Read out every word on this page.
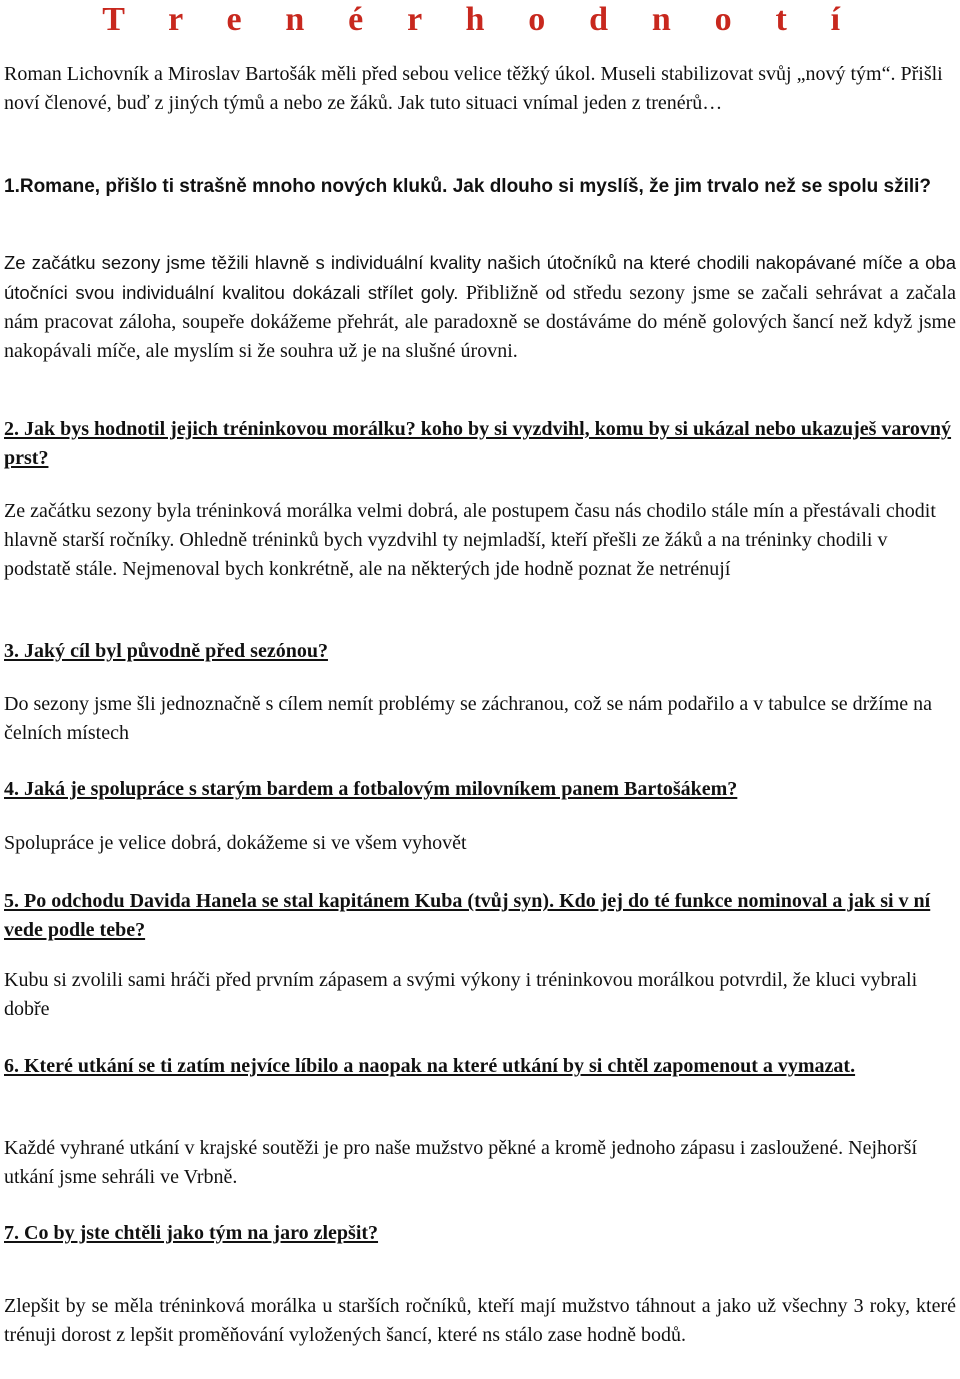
T r e n é r h o d n o t í

Roman Lichovník a Miroslav Bartošák měli před sebou velice těžký úkol. Museli stabilizovat svůj „nový tým“. Přišli noví členové, buď z jiných týmů a nebo ze žáků. Jak tuto situaci vnímal jeden z trenérů…

1.Romane, přišlo ti strašně mnoho nových kluků. Jak dlouho si myslíš, že jim trvalo než se spolu sžili?

Ze začátku sezony jsme těžili hlavně s individuální kvality našich útočníků na které chodili nakopávané míče a oba útočníci svou individuální kvalitou dokázali střílet goly. Přibližně od středu sezony jsme se začali sehrávat a začala nám pracovat záloha, soupeře dokážeme přehrát, ale paradoxně se dostáváme do méně golových šancí než když jsme nakopávali míče, ale myslím si že souhra už je na slušné úrovni.

2. Jak bys hodnotil jejich tréninkovou morálku? koho by si vyzdvihl, komu by si ukázal nebo ukazuješ varovný prst?

Ze začátku sezony byla tréninková morálka velmi dobrá, ale postupem času nás chodilo stále mín a přestávali chodit hlavně starší ročníky. Ohledně tréninků bych vyzdvihl ty nejmladší, kteří přešli ze žáků a na tréninky chodili v podstatě stále. Nejmenoval bych konkrétně, ale na některých jde hodně poznat že netrénují

3. Jaký cíl byl původně před sezónou?

Do sezony jsme šli jednoznačně s cílem nemít problémy se záchranou, což se nám podařilo a v tabulce se držíme na čelních místech

4. Jaká je spolupráce s starým bardem a fotbalovým milovníkem panem Bartošákem?

Spolupráce je velice dobrá, dokážeme si ve všem vyhovět

5. Po odchodu Davida Hanela se stal kapitánem Kuba (tvůj syn). Kdo jej do té funkce nominoval a jak si v ní vede podle tebe?

Kubu si zvolili sami hráči před prvním zápasem a svými výkony i tréninkovou morálkou potvrdil, že kluci vybrali dobře

6. Které utkání se ti zatím nejvíce líbilo a naopak na které utkání by si chtěl zapomenout a vymazat.

Každé vyhrané utkání v krajské soutěži je pro naše mužstvo pěkné a kromě jednoho zápasu i zasloužené. Nejhorší utkání jsme sehráli ve Vrbně.

7. Co by jste chtěli jako tým na jaro zlepšit?

Zlepšit by se měla tréninková morálka u starších ročníků, kteří mají mužstvo táhnout a jako už všechny 3 roky, které trénuji dorost z lepšit proměňování vyložených šancí, které ns stálo zase hodně bodů.
